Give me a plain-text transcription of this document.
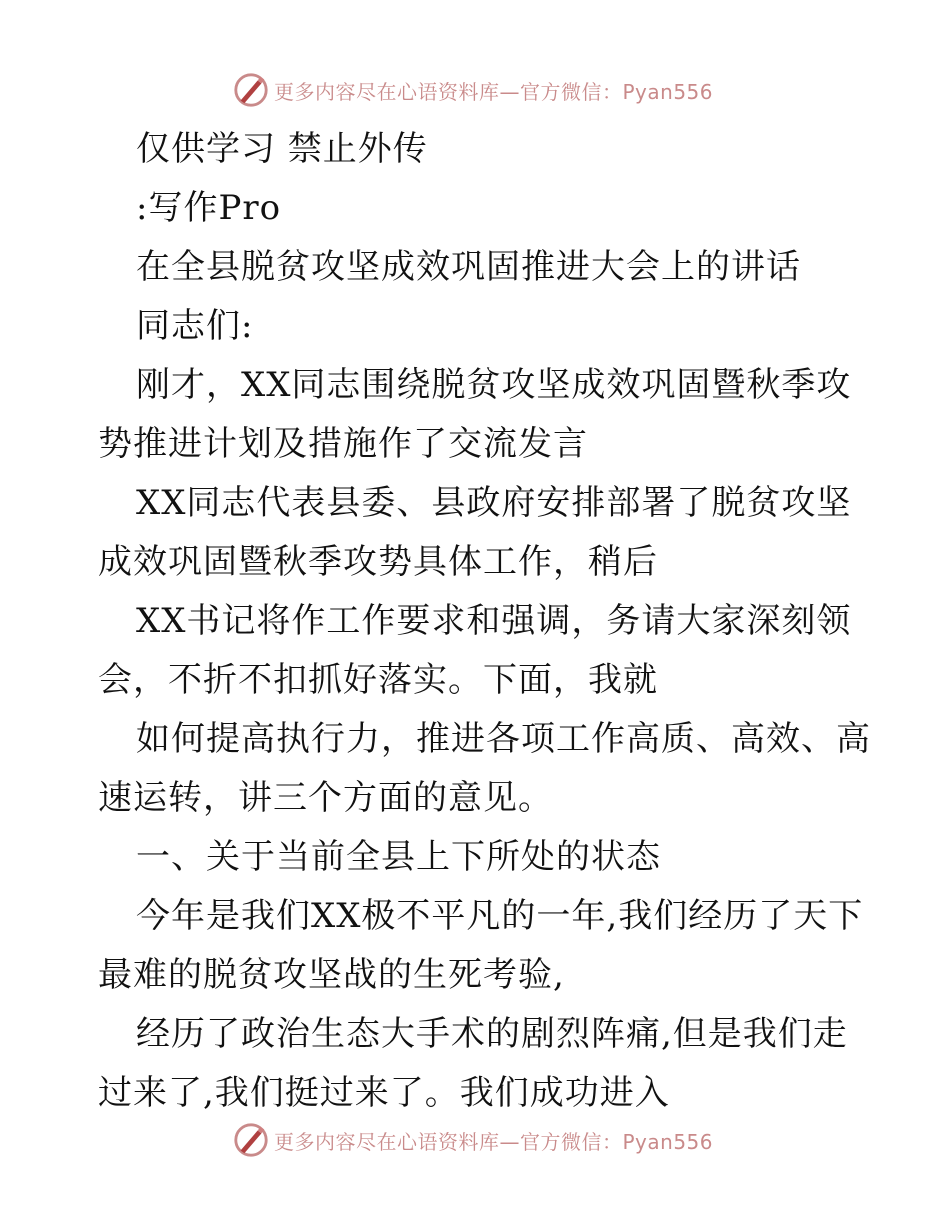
更多内容尽在心语资料库—官方微信：Pyan556
仅供学习 禁止外传
:写作Pro
在全县脱贫攻坚成效巩固推进大会上的讲话
同志们:
刚才，XX同志围绕脱贫攻坚成效巩固暨秋季攻
势推进计划及措施作了交流发言
XX同志代表县委、县政府安排部署了脱贫攻坚
成效巩固暨秋季攻势具体工作，稍后
XX书记将作工作要求和强调，务请大家深刻领
会，不折不扣抓好落实。下面，我就
如何提高执行力，推进各项工作高质、高效、高
速运转，讲三个方面的意见。
一、关于当前全县上下所处的状态
今年是我们XX极不平凡的一年,我们经历了天下
最难的脱贫攻坚战的生死考验,
经历了政治生态大手术的剧烈阵痛,但是我们走
过来了,我们挺过来了。我们成功进入
更多内容尽在心语资料库—官方微信：Pyan556
